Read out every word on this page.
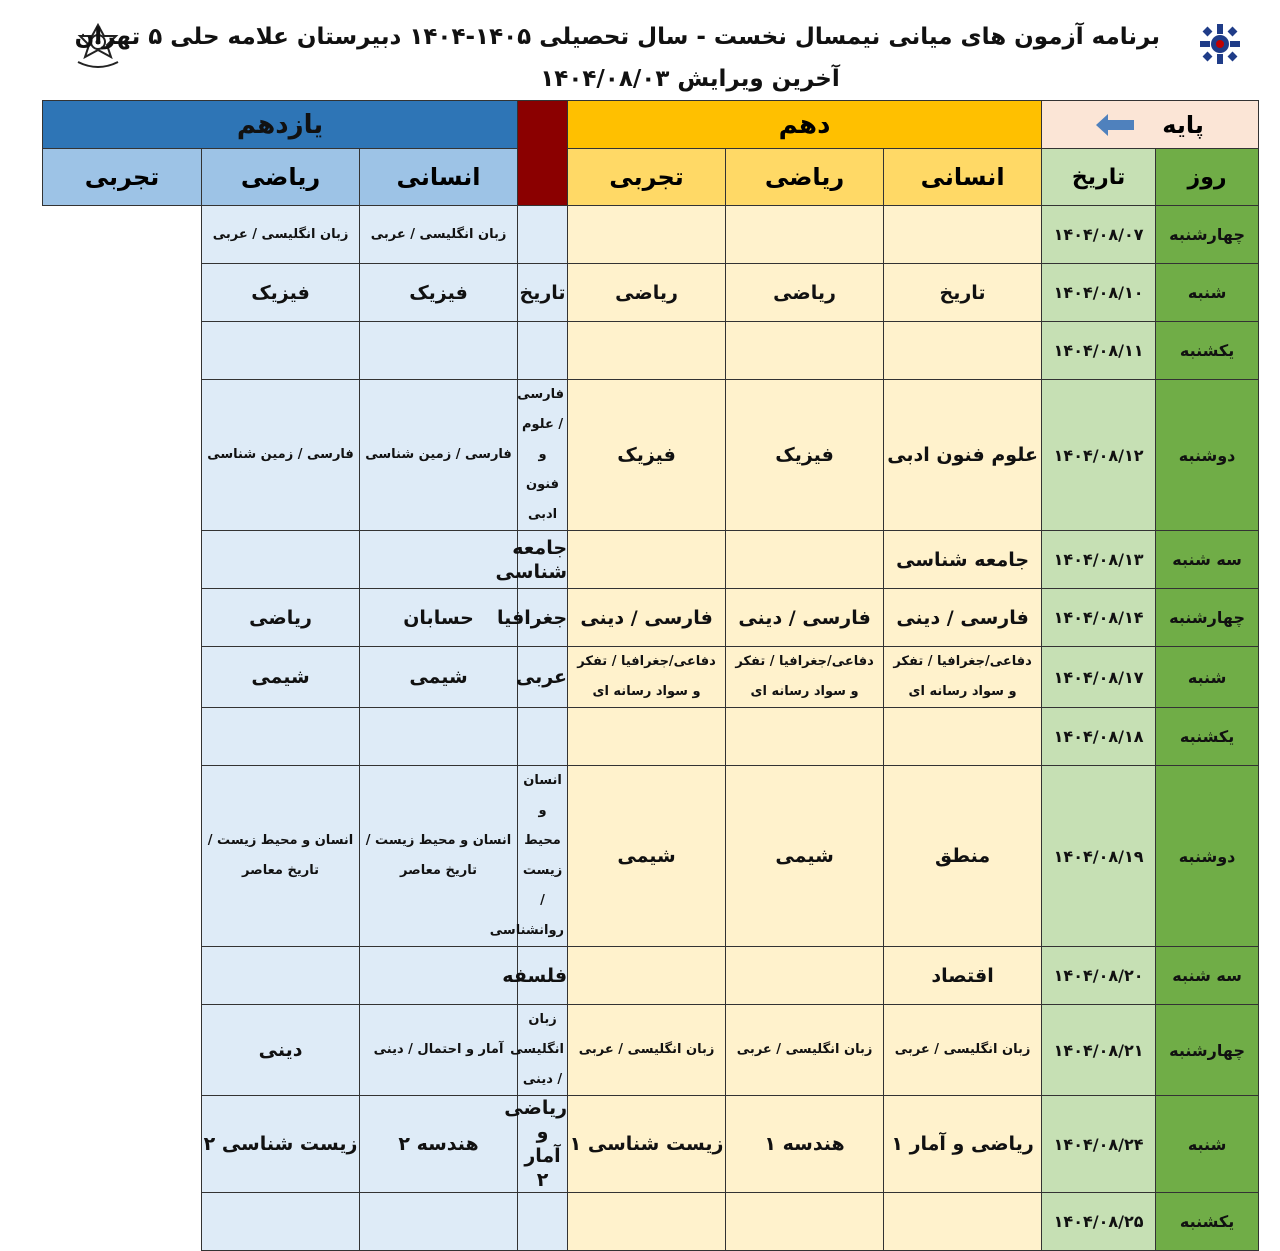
برنامه آزمون های میانی نیمسال نخست - سال تحصیلی ۱۴۰۵-۱۴۰۴ دبیرستان علامه حلی ۵ تهران
آخرین ویرایش ۱۴۰۴/۰۸/۰۳
پایه		دهم				یازدهم		
روز	تاریخ	انسانی	ریاضی	تجربی		انسانی	ریاضی	تجربی

چهارشنبه	۱۴۰۴/۰۸/۰۷					زبان انگلیسی / عربی	زبان انگلیسی / عربی	

شنبه	۱۴۰۴/۰۸/۱۰	تاریخ	ریاضی	ریاضی	تاریخ	فیزیک	فیزیک	

یکشنبه	۱۴۰۴/۰۸/۱۱							

دوشنبه	۱۴۰۴/۰۸/۱۲	علوم فنون ادبی	فیزیک	فیزیک	فارسی / علوم و فنون ادبی	فارسی / زمین شناسی	فارسی / زمین شناسی	

سه شنبه	۱۴۰۴/۰۸/۱۳	جامعه شناسی			جامعه شناسی			

چهارشنبه	۱۴۰۴/۰۸/۱۴	فارسی / دینی	فارسی / دینی	فارسی / دینی	جغرافیا	حسابان	ریاضی	

شنبه	۱۴۰۴/۰۸/۱۷	دفاعی/جغرافیا / تفکر و سواد رسانه ای	دفاعی/جغرافیا / تفکر و سواد رسانه ای	دفاعی/جغرافیا / تفکر و سواد رسانه ای	عربی	شیمی	شیمی	

یکشنبه	۱۴۰۴/۰۸/۱۸							

دوشنبه	۱۴۰۴/۰۸/۱۹	منطق	شیمی	شیمی	انسان و محیط زیست / روانشناسی	انسان و محیط زیست / تاریخ معاصر	انسان و محیط زیست / تاریخ معاصر	

سه شنبه	۱۴۰۴/۰۸/۲۰	اقتصاد			فلسفه			

چهارشنبه	۱۴۰۴/۰۸/۲۱	زبان انگلیسی / عربی	زبان انگلیسی / عربی	زبان انگلیسی / عربی	زبان انگلیسی / دینی	آمار و احتمال / دینی	دینی	

شنبه	۱۴۰۴/۰۸/۲۴	ریاضی و آمار ۱	هندسه ۱	زیست شناسی ۱	ریاضی و آمار ۲	هندسه ۲	زیست شناسی ۲	

یکشنبه	۱۴۰۴/۰۸/۲۵							
